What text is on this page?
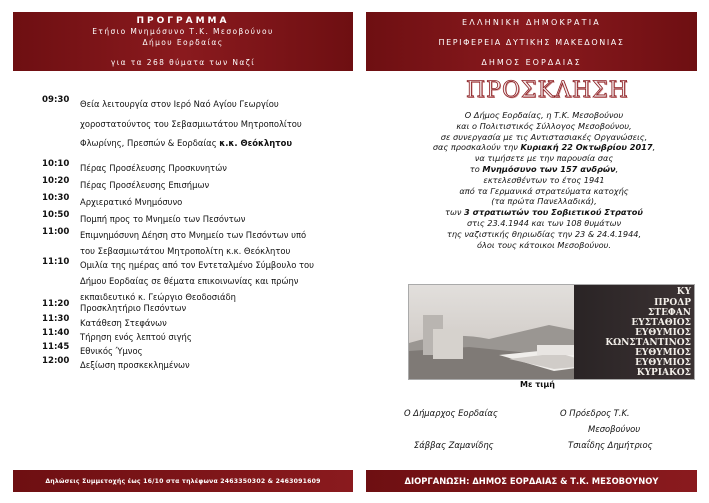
ΠΡΟΓΡΑΜΜΑ
Ετήσιο Μνημόσυνο Τ.Κ. Μεσοβούνου
Δήμου Εορδαίας
για τα 268 θύματα των Ναζί
ΕΛΛΗΝΙΚΗ ΔΗΜΟΚΡΑΤΙΑ
ΠΕΡΙΦΕΡΕΙΑ ΔΥΤΙΚΗΣ ΜΑΚΕΔΟΝΙΑΣ
ΔΗΜΟΣ ΕΟΡΔΑΙΑΣ
09:30	Θεία λειτουργία στον Ιερό Ναό Αγίου Γεωργίου
χοροστατούντος του Σεβασμιωτάτου Μητροπολίτου
Φλωρίνης, Πρεσπών & Εορδαίας κ.κ. Θεόκλητου
10:10	Πέρας Προσέλευσης Προσκυνητών
10:20	Πέρας Προσέλευσης Επισήμων
10:30	Αρχιερατικό Μνημόσυνο
10:50	Πομπή προς το Μνημείο των Πεσόντων
11:00	Επιμνημόσυνη Δέηση στο Μνημείο των Πεσόντων υπό
του Σεβασμιωτάτου Μητροπολίτη κ.κ. Θεόκλητου
11:10	Ομιλία της ημέρας από τον Εντεταλμένο Σύμβουλο του
Δήμου Εορδαίας σε θέματα επικοινωνίας και πρώην
εκπαιδευτικό κ. Γεώργιο Θεοδοσιάδη
11:20	Προσκλητήριο Πεσόντων
11:30	Κατάθεση Στεφάνων
11:40	Τήρηση ενός λεπτού σιγής
11:45	Εθνικός Ύμνος
12:00	Δεξίωση προσκεκλημένων
ΠΡΟΣΚΛΗΣΗ
Ο Δήμος Εορδαίας, η Τ.Κ. Μεσοβούνου
και ο Πολιτιστικός Σύλλογος Μεσοβούνου,
σε συνεργασία με τις Αντιστασιακές Οργανώσεις,
σας προσκαλούν την Κυριακή 22 Οκτωβρίου 2017,
να τιμήσετε με την παρουσία σας
το Μνημόσυνο των 157 ανδρών,
εκτελεσθέντων το έτος 1941
από τα Γερμανικά στρατεύματα κατοχής
(τα πρώτα Πανελλαδικά),
των 3 στρατιωτών του Σοβιετικού Στρατού
στις 23.4.1944 και των 108 θυμάτων
της ναζιστικής θηριωδίας την 23 & 24.4.1944,
όλοι τους κάτοικοι Μεσοβούνου.
ΚΥ
ΠΡΟΔΡ
ΣΤΕΦΑΝ
ΕΥΣΤΑΘΙΟΣ
ΕΥΘΥΜΙΟΣ
ΚΩΝΣΤΑΝΤΙΝΟΣ
ΕΥΘΥΜΙΟΣ
ΕΥΘΥΜΙΟΣ
ΚΥΡΙΑΚΟΣ
Με τιμή
Ο Δήμαρχος Εορδαίας
Σάββας Ζαμανίδης
Ο Πρόεδρος Τ.Κ.
Μεσοβούνου
Τσιαΐδης Δημήτριος
Δηλώσεις Συμμετοχής έως 16/10 στα τηλέφωνα 2463350302 & 2463091609	ΔΙΟΡΓΑΝΩΣΗ: ΔΗΜΟΣ ΕΟΡΔΑΙΑΣ & Τ.Κ. ΜΕΣΟΒΟΥΝΟΥ
